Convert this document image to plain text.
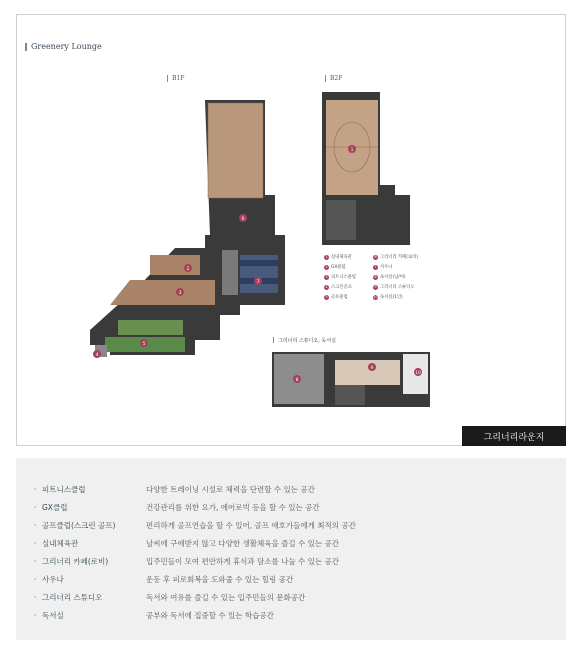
Greenery Lounge
B1F	B2F
1
2
3
4
5
6
7
8
9
10
1 실내체육관
2 GX클럽
3 피트니스클럽
4 스크린골프
5 골프클럽
6 그리너리 카페(로비)
7 사우나
8 독서실(남/여)
9 그리너리 스튜디오
10 독서실(1인)
그리너리 스튜디오, 독서실
그리너리라운지
· 피트니스클럽	다양한 트레이닝 시설로 체력을 단련할 수 있는 공간
· GX클럽	건강관리를 위한 요가, 에어로빅 등을 할 수 있는 공간
· 골프클럽(스크린 골프)	편리하게 골프연습을 할 수 있어, 골프 애호가들에게 최적의 공간
· 실내체육관	날씨에 구애받지 않고 다양한 생활체육을 즐길 수 있는 공간
· 그리너리 카페(로비)	입주민들이 모여 편안하게 휴식과 담소를 나눌 수 있는 공간
· 사우나	운동 후 피로회복을 도와줄 수 있는 힐링 공간
· 그리너리 스튜디오	독서와 여유를 즐길 수 있는 입주민들의 문화공간
· 독서실	공부와 독서에 집중할 수 있는 학습공간
